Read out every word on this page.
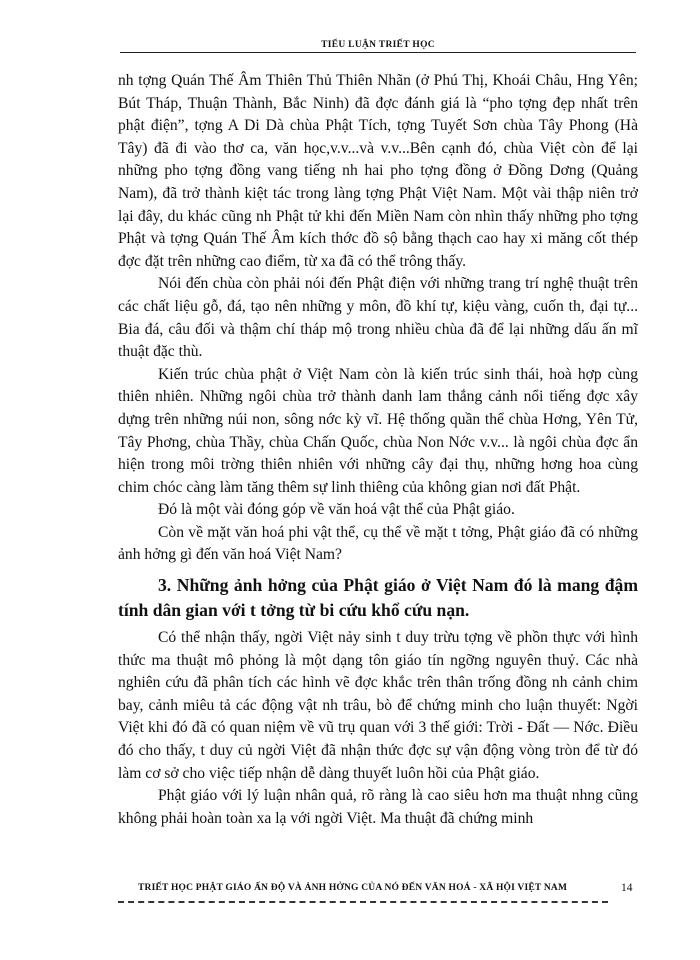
TIỂU LUẬN TRIẾT HỌC

nh tợng Quán Thế Âm Thiên Thủ Thiên Nhãn (ở Phú Thị, Khoái Châu, Hng Yên; Bút Tháp, Thuận Thành, Bắc Ninh) đã đợc đánh giá là “pho tợng đẹp nhất trên phật điện”, tợng A Di Dà chùa Phật Tích, tợng Tuyết Sơn chùa Tây Phong (Hà Tây) đã đi vào thơ ca, văn học,v.v...và v.v...Bên cạnh đó, chùa Việt còn để lại những pho tợng đồng vang tiếng nh hai pho tợng đồng ở Đồng Dơng (Quảng Nam), đã trở thành kiệt tác trong làng tợng Phật Việt Nam. Một vài thập niên trở lại đây, du khác cũng nh Phật tử khi đến Miền Nam còn nhìn thấy những pho tợng Phật và tợng Quán Thế Âm kích thớc đồ sộ bằng thạch cao hay xi măng cốt thép đợc đặt trên những cao điểm, từ xa đã có thể trông thấy.

Nói đến chùa còn phải nói đến Phật điện với những trang trí nghệ thuật trên các chất liệu gỗ, đá, tạo nên những y môn, đồ khí tự, kiệu vàng, cuốn th, đại tự... Bia đá, câu đối và thậm chí tháp mộ trong nhiều chùa đã để lại những dấu ấn mĩ thuật đặc thù.

Kiến trúc chùa phật ở Việt Nam còn là kiến trúc sinh thái, hoà hợp cùng thiên nhiên. Những ngôi chùa trở thành danh lam thắng cảnh nổi tiếng đợc xây dựng trên những núi non, sông nớc kỳ vĩ. Hệ thống quần thể chùa Hơng, Yên Tử, Tây Phơng, chùa Thầy, chùa Chấn Quốc, chùa Non Nớc v.v... là ngôi chùa đợc ẩn hiện trong môi trờng thiên nhiên với những cây đại thụ, những hơng hoa cùng chim chóc càng làm tăng thêm sự linh thiêng của không gian nơi đất Phật.

Đó là một vài đóng góp về văn hoá vật thể của Phật giáo.

Còn về mặt văn hoá phi vật thể, cụ thể về mặt t tởng, Phật giáo đã có những ảnh hởng gì đến văn hoá Việt Nam?

3. Những ảnh hởng của Phật giáo ở Việt Nam đó là mang đậm tính dân gian với t tởng từ bi cứu khổ cứu nạn.

Có thể nhận thấy, ngời Việt nảy sinh t duy trừu tợng về phồn thực với hình thức ma thuật mô phỏng là một dạng tôn giáo tín ngỡng nguyên thuỷ. Các nhà nghiên cứu đã phân tích các hình vẽ đợc khắc trên thân trống đồng nh cảnh chim bay, cảnh miêu tả các động vật nh trâu, bò để chứng minh cho luận thuyết: Ngời Việt khi đó đã có quan niệm về vũ trụ quan với 3 thế giới: Trời - Đất — Nớc. Điều đó cho thấy, t duy củ ngời Việt đã nhận thức đợc sự vận động vòng tròn để từ đó làm cơ sở cho việc tiếp nhận dễ dàng thuyết luôn hồi của Phật giáo.

Phật giáo với lý luận nhân quả, rõ ràng là cao siêu hơn ma thuật nhng cũng không phải hoàn toàn xa lạ với ngời Việt. Ma thuật đã chứng minh

TRIẾT HỌC PHẬT GIÁO ẤN ĐỘ VÀ ẢNH HỞNG CỦA NÓ ĐẾN VĂN HOÁ - XÃ HỘI VIỆT NAM	14
